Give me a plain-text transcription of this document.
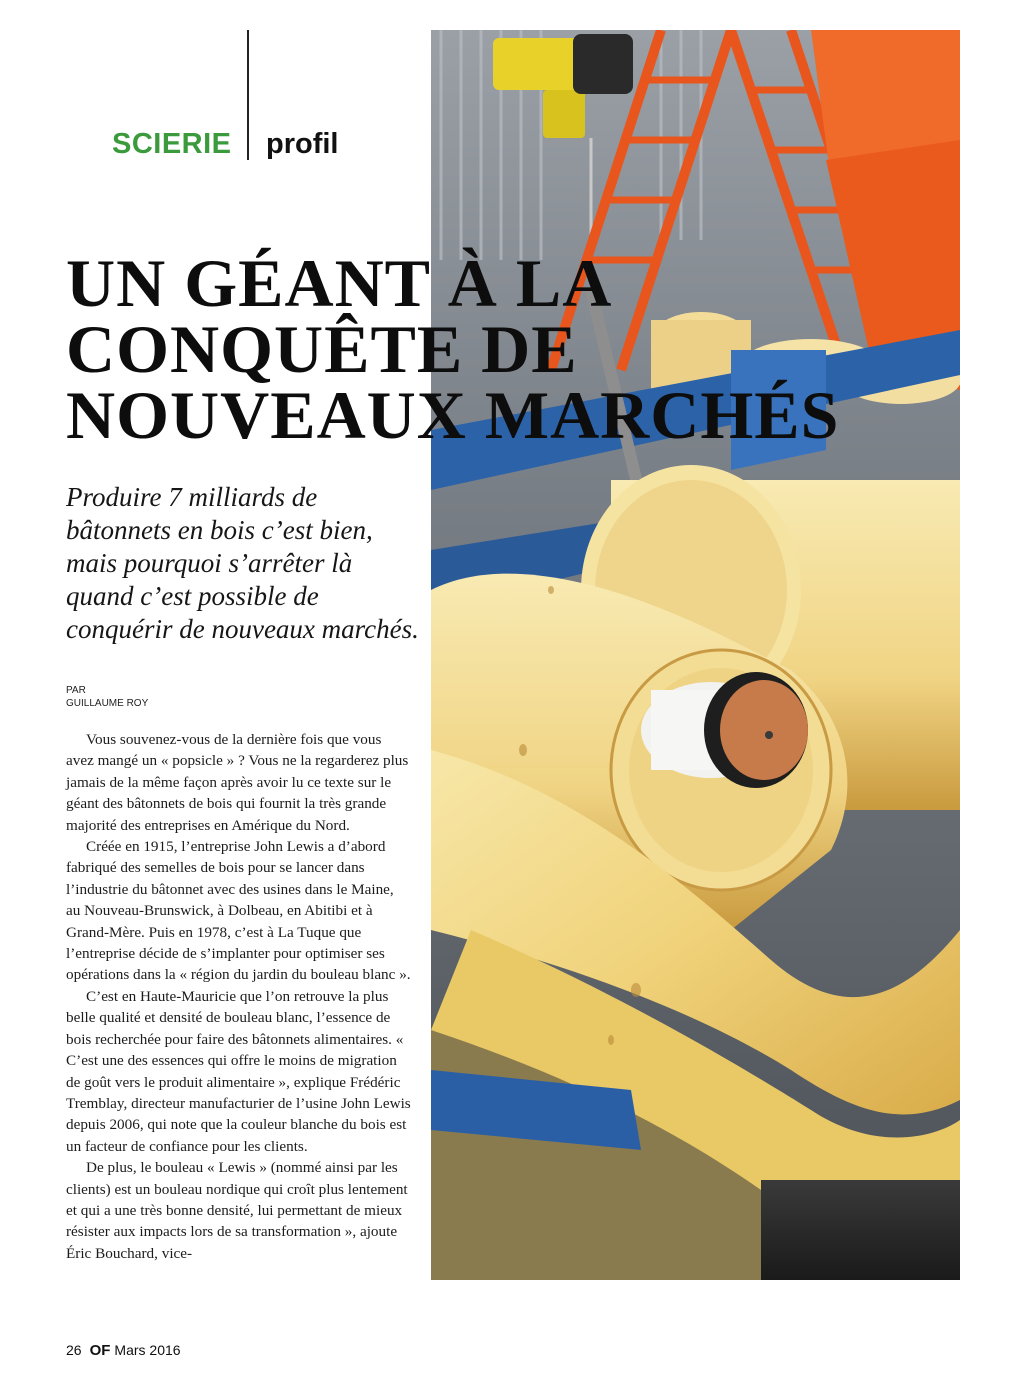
SCIERIE profil
UN GÉANT À LA
CONQUÊTE DE
NOUVEAUX MARCHÉS

Produire 7 milliards de bâtonnets en bois c’est bien, mais pourquoi s’arrêter là quand c’est possible de conquérir de nouveaux marchés.

PAR
GUILLAUME ROY

Vous souvenez-vous de la dernière fois que vous avez mangé un « popsicle » ? Vous ne la regarderez plus jamais de la même façon après avoir lu ce texte sur le géant des bâtonnets de bois qui fournit la très grande majorité des entreprises en Amérique du Nord.

Créée en 1915, l’entreprise John Lewis a d’abord fabriqué des semelles de bois pour se lancer dans l’industrie du bâtonnet avec des usines dans le Maine, au Nouveau-Brunswick, à Dolbeau, en Abitibi et à Grand-Mère. Puis en 1978, c’est à La Tuque que l’entreprise décide de s’implanter pour optimiser ses opérations dans la « région du jardin du bouleau blanc ».

C’est en Haute-Mauricie que l’on retrouve la plus belle qualité et densité de bouleau blanc, l’essence de bois recherchée pour faire des bâtonnets alimentaires. « C’est une des essences qui offre le moins de migration de goût vers le produit alimentaire », explique Frédéric Tremblay, directeur manufacturier de l’usine John Lewis depuis 2006, qui note que la couleur blanche du bois est un facteur de confiance pour les clients.

De plus, le bouleau « Lewis » (nommé ainsi par les clients) est un bouleau nordique qui croît plus lentement et qui a une très bonne densité, lui permettant de mieux résister aux impacts lors de sa transformation », ajoute Éric Bouchard, vice-

26 OF Mars 2016
